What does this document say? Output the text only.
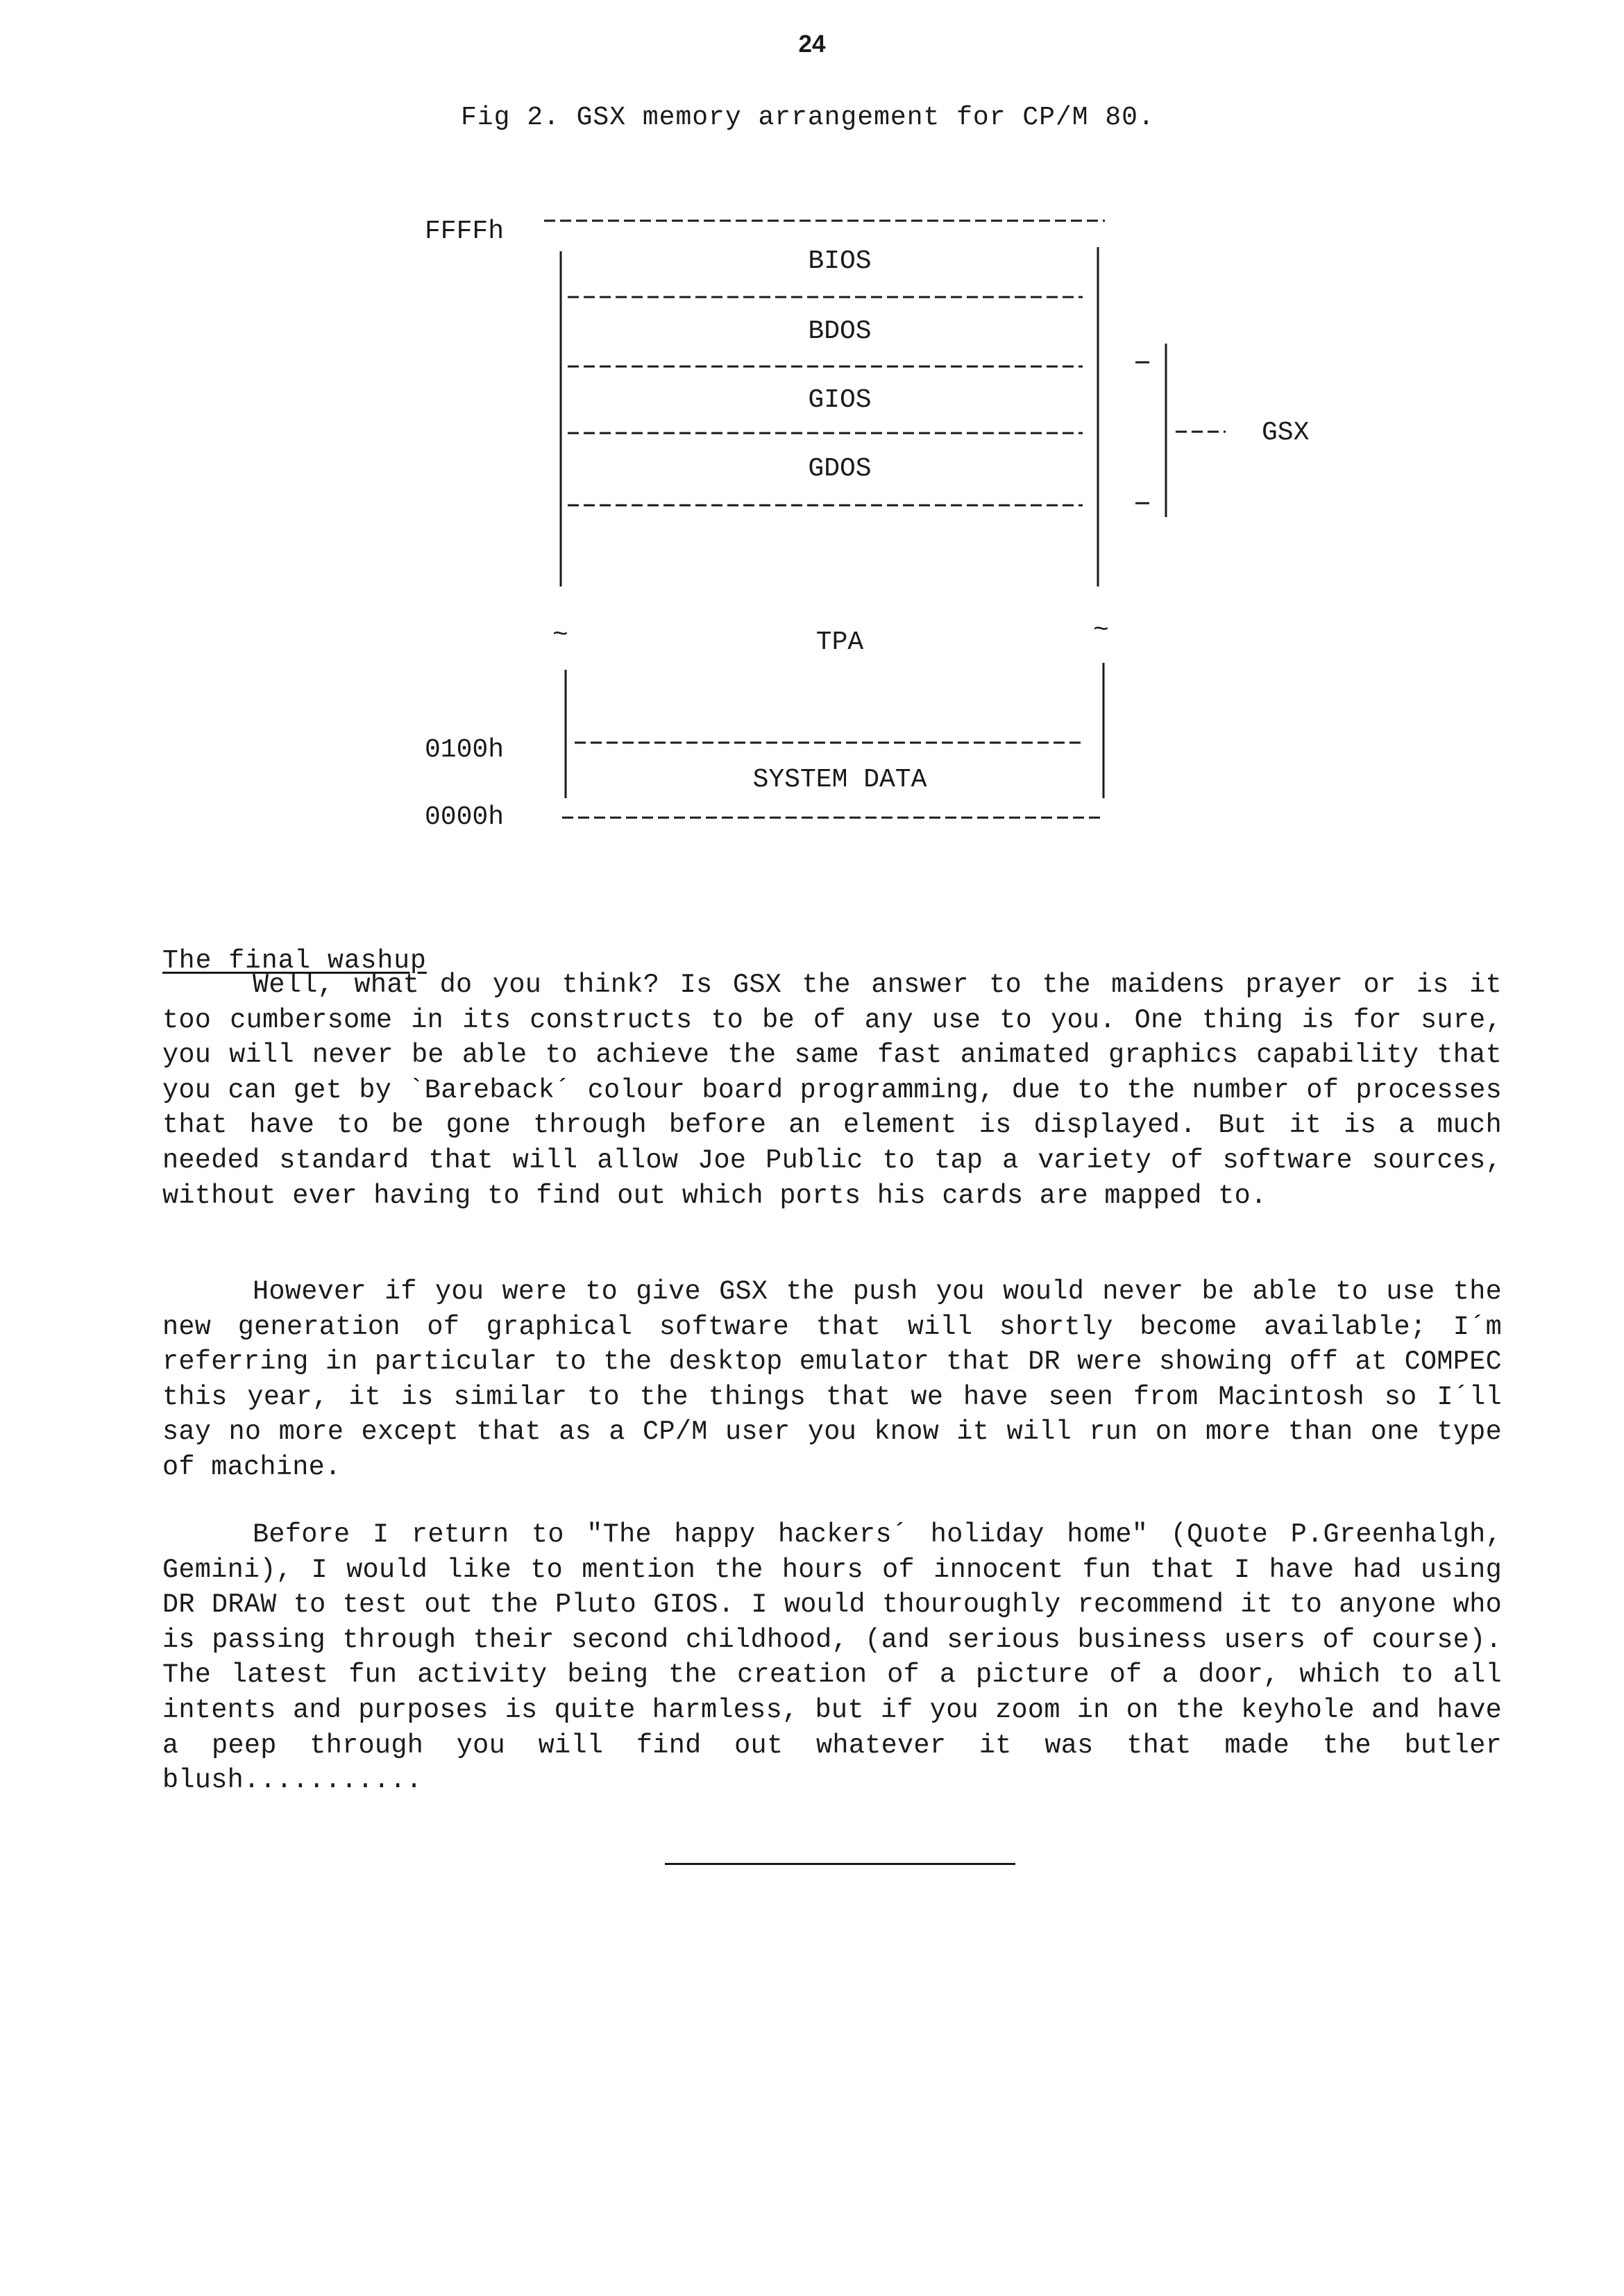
24
Fig 2. GSX memory arrangement for CP/M 80.
FFFFh
0100h
0000h
~	~
BIOS
BDOS
GIOS
GDOS
TPA
SYSTEM DATA
GSX
The final washup

Well, what do you think? Is GSX the answer to the maidens prayer or is it too cumbersome in its constructs to be of any use to you. One thing is for sure, you will never be able to achieve the same fast animated graphics capability that you can get by `Bareback´ colour board programming, due to the number of processes that have to be gone through before an element is displayed. But it is a much needed standard that will allow Joe Public to tap a variety of software sources, without ever having to find out which ports his cards are mapped to.

However if you were to give GSX the push you would never be able to use the new generation of graphical software that will shortly become available; I´m referring in particular to the desktop emulator that DR were showing off at COMPEC this year, it is similar to the things that we have seen from Macintosh so I´ll say no more except that as a CP/M user you know it will run on more than one type of machine.

Before I return to "The happy hackers´ holiday home" (Quote P.Greenhalgh, Gemini), I would like to mention the hours of innocent fun that I have had using DR DRAW to test out the Pluto GIOS. I would thouroughly recommend it to anyone who is passing through their second childhood, (and serious business users of course). The latest fun activity being the creation of a picture of a door, which to all intents and purposes is quite harmless, but if you zoom in on the keyhole and have a peep through you will find out whatever it was that made the butler blush...........
